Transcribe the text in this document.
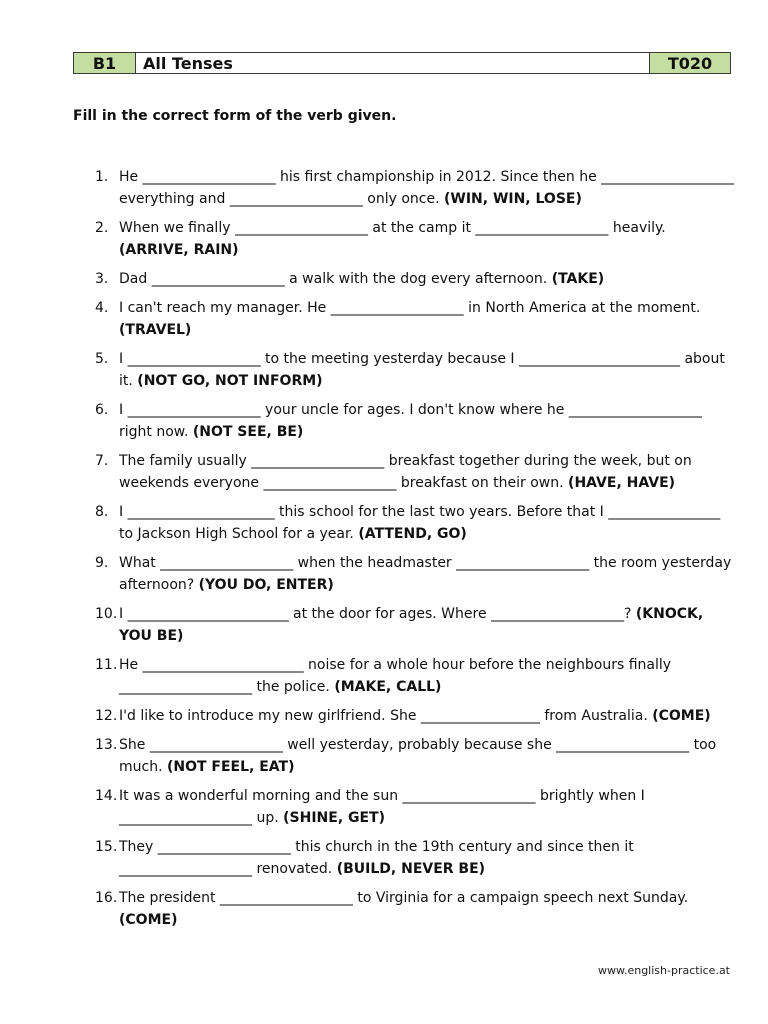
B1	All Tenses	T020
Fill in the correct form of the verb given.
1. He ___________________ his first championship in 2012. Since then he ___________________ everything and ___________________ only once. (WIN, WIN, LOSE)
2. When we finally ___________________ at the camp it ___________________ heavily. (ARRIVE, RAIN)
3. Dad ___________________ a walk with the dog every afternoon. (TAKE)
4. I can't reach my manager. He ___________________ in North America at the moment. (TRAVEL)
5. I ___________________ to the meeting yesterday because I _______________________ about it. (NOT GO, NOT INFORM)
6. I ___________________ your uncle for ages. I don't know where he ___________________ right now. (NOT SEE, BE)
7. The family usually ___________________ breakfast together during the week, but on weekends everyone ___________________ breakfast on their own. (HAVE, HAVE)
8. I _____________________ this school for the last two years. Before that I ________________ to Jackson High School for a year. (ATTEND, GO)
9. What ___________________ when the headmaster ___________________ the room yesterday afternoon? (YOU DO, ENTER)
10. I _______________________ at the door for ages. Where ___________________? (KNOCK, YOU BE)
11. He _______________________ noise for a whole hour before the neighbours finally ___________________ the police. (MAKE, CALL)
12. I'd like to introduce my new girlfriend. She _________________ from Australia. (COME)
13. She ___________________ well yesterday, probably because she ___________________ too much. (NOT FEEL, EAT)
14. It was a wonderful morning and the sun ___________________ brightly when I ___________________ up. (SHINE, GET)
15. They ___________________ this church in the 19th century and since then it ___________________ renovated. (BUILD, NEVER BE)
16. The president ___________________ to Virginia for a campaign speech next Sunday. (COME)
www.english-practice.at
